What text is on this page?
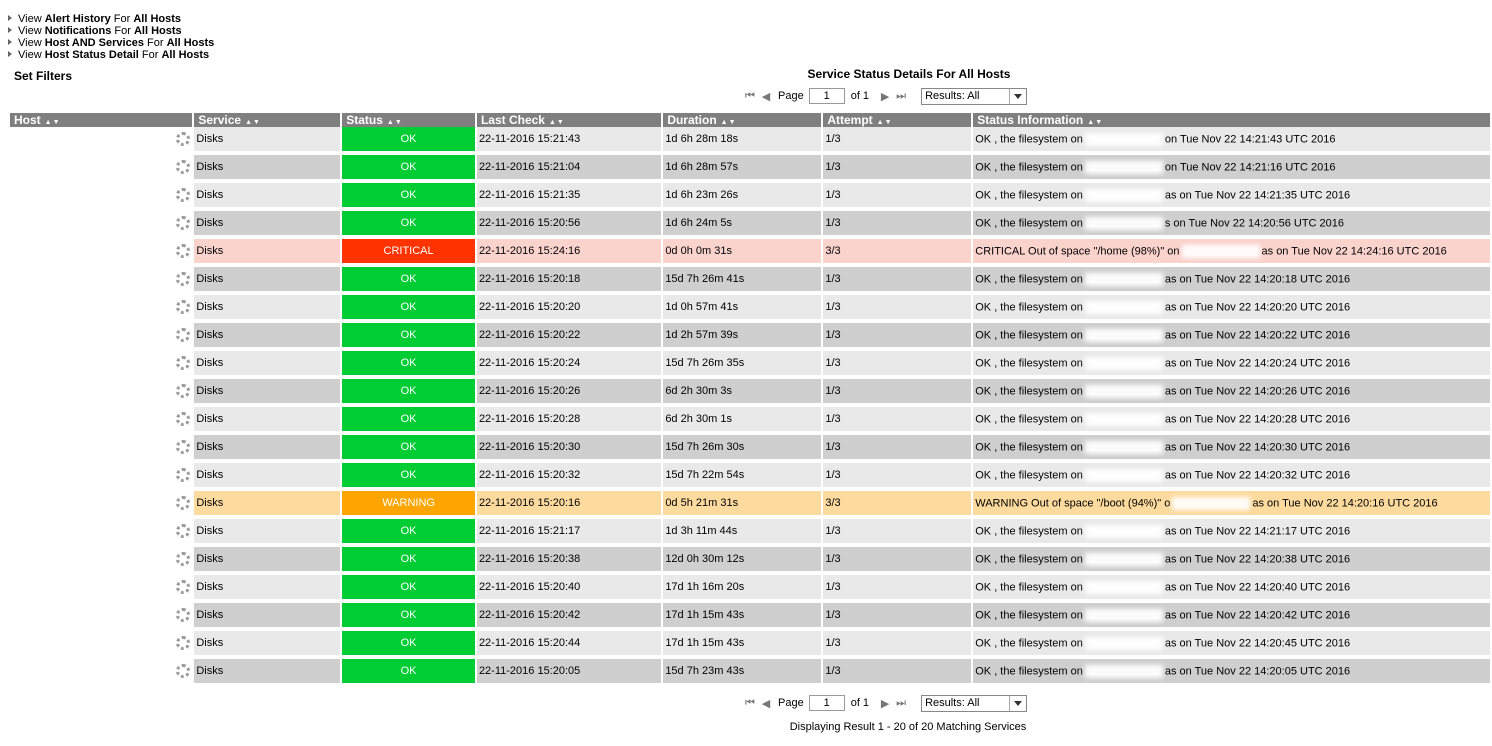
View Alert History For All Hosts
View Notifications For All Hosts
View Host AND Services For All Hosts
View Host Status Detail For All Hosts
Set Filters	Service Status Details For All Hosts
⏮ ◀ Page
1	of 1 ▶ ⏭ Results: All
Host ▲▼	Service ▲▼	Status ▲▼	Last Check ▲▼	Duration ▲▼	Attempt ▲▼	Status Information ▲▼

	Disks	OK	22-11-2016 15:21:43	1d 6h 28m 18s	1/3	OK , the filesystem on on Tue Nov 22 14:21:43 UTC 2016

	Disks	OK	22-11-2016 15:21:04	1d 6h 28m 57s	1/3	OK , the filesystem on on Tue Nov 22 14:21:16 UTC 2016

	Disks	OK	22-11-2016 15:21:35	1d 6h 23m 26s	1/3	OK , the filesystem on as on Tue Nov 22 14:21:35 UTC 2016

	Disks	OK	22-11-2016 15:20:56	1d 6h 24m 5s	1/3	OK , the filesystem on s on Tue Nov 22 14:20:56 UTC 2016

	Disks	CRITICAL	22-11-2016 15:24:16	0d 0h 0m 31s	3/3	CRITICAL Out of space "/home (98%)" on as on Tue Nov 22 14:24:16 UTC 2016

	Disks	OK	22-11-2016 15:20:18	15d 7h 26m 41s	1/3	OK , the filesystem on as on Tue Nov 22 14:20:18 UTC 2016

	Disks	OK	22-11-2016 15:20:20	1d 0h 57m 41s	1/3	OK , the filesystem on as on Tue Nov 22 14:20:20 UTC 2016

	Disks	OK	22-11-2016 15:20:22	1d 2h 57m 39s	1/3	OK , the filesystem on as on Tue Nov 22 14:20:22 UTC 2016

	Disks	OK	22-11-2016 15:20:24	15d 7h 26m 35s	1/3	OK , the filesystem on as on Tue Nov 22 14:20:24 UTC 2016

	Disks	OK	22-11-2016 15:20:26	6d 2h 30m 3s	1/3	OK , the filesystem on as on Tue Nov 22 14:20:26 UTC 2016

	Disks	OK	22-11-2016 15:20:28	6d 2h 30m 1s	1/3	OK , the filesystem on as on Tue Nov 22 14:20:28 UTC 2016

	Disks	OK	22-11-2016 15:20:30	15d 7h 26m 30s	1/3	OK , the filesystem on as on Tue Nov 22 14:20:30 UTC 2016

	Disks	OK	22-11-2016 15:20:32	15d 7h 22m 54s	1/3	OK , the filesystem on as on Tue Nov 22 14:20:32 UTC 2016

	Disks	WARNING	22-11-2016 15:20:16	0d 5h 21m 31s	3/3	WARNING Out of space "/boot (94%)" o as on Tue Nov 22 14:20:16 UTC 2016

	Disks	OK	22-11-2016 15:21:17	1d 3h 11m 44s	1/3	OK , the filesystem on as on Tue Nov 22 14:21:17 UTC 2016

	Disks	OK	22-11-2016 15:20:38	12d 0h 30m 12s	1/3	OK , the filesystem on as on Tue Nov 22 14:20:38 UTC 2016

	Disks	OK	22-11-2016 15:20:40	17d 1h 16m 20s	1/3	OK , the filesystem on as on Tue Nov 22 14:20:40 UTC 2016

	Disks	OK	22-11-2016 15:20:42	17d 1h 15m 43s	1/3	OK , the filesystem on as on Tue Nov 22 14:20:42 UTC 2016

	Disks	OK	22-11-2016 15:20:44	17d 1h 15m 43s	1/3	OK , the filesystem on as on Tue Nov 22 14:20:45 UTC 2016

	Disks	OK	22-11-2016 15:20:05	15d 7h 23m 43s	1/3	OK , the filesystem on as on Tue Nov 22 14:20:05 UTC 2016
⏮ ◀ Page
1	of 1 ▶ ⏭ Results: All
Displaying Result 1 - 20 of 20 Matching Services
